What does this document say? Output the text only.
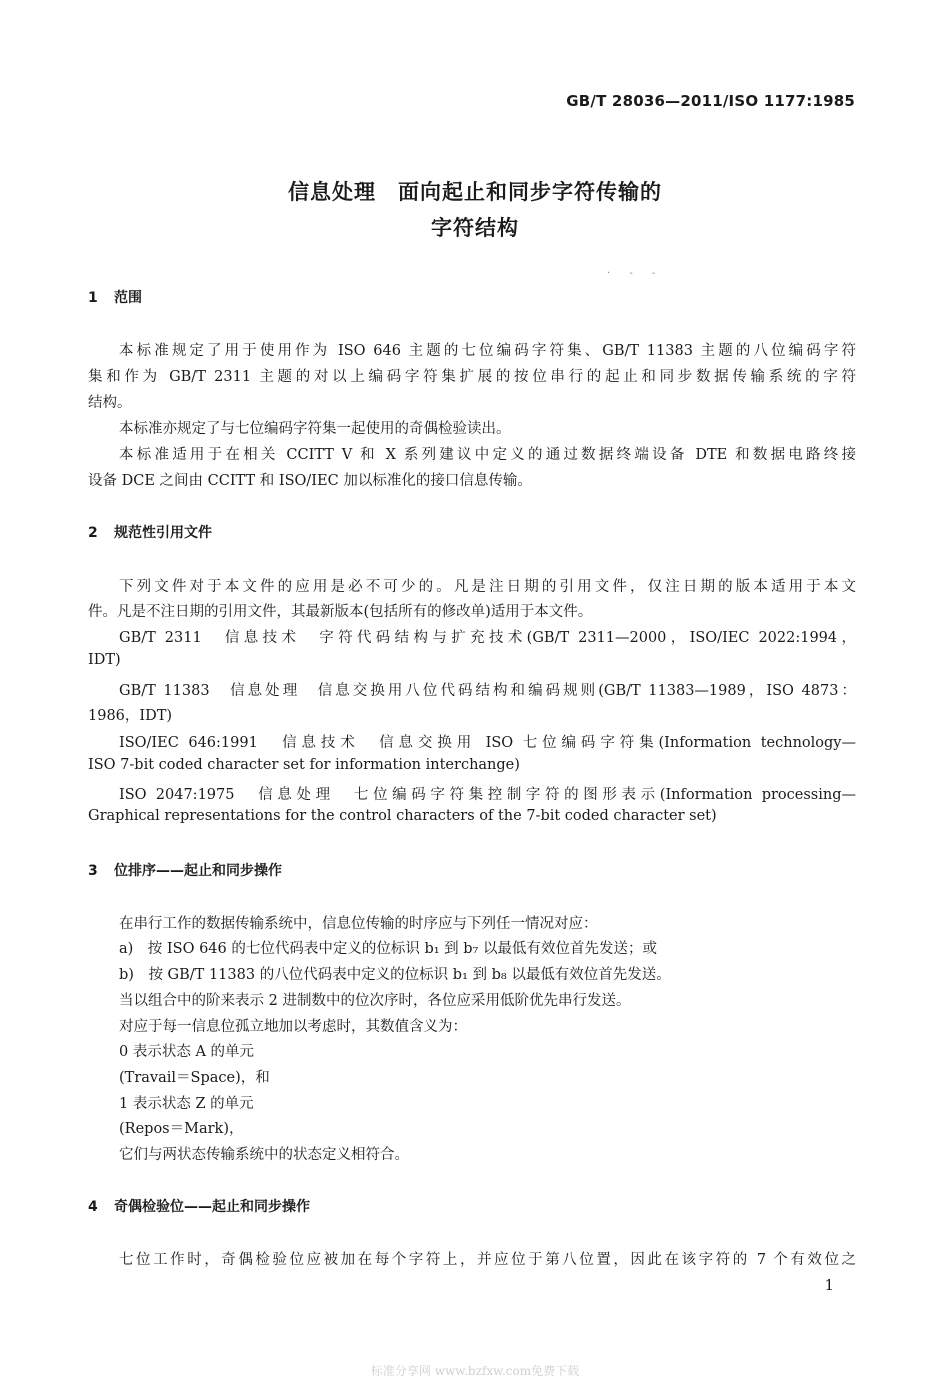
GB/T 28036—2011/ISO 1177:1985
信息处理　面向起止和同步字符传输的
字符结构
· - -
1 范围
本标准规定了用于使用作为 ISO 646 主题的七位编码字符集、GB/T 11383 主题的八位编码字符
集和作为 GB/T 2311 主题的对以上编码字符集扩展的按位串行的起止和同步数据传输系统的字符
结构。
本标准亦规定了与七位编码字符集一起使用的奇偶检验读出。
本标准适用于在相关 CCITT V 和 X 系列建议中定义的通过数据终端设备 DTE 和数据电路终接
设备 DCE 之间由 CCITT 和 ISO/IEC 加以标准化的接口信息传输。
2 规范性引用文件
下列文件对于本文件的应用是必不可少的。凡是注日期的引用文件，仅注日期的版本适用于本文
件。凡是不注日期的引用文件，其最新版本(包括所有的修改单)适用于本文件。
GB/T 2311　信息技术　字符代码结构与扩充技术(GB/T 2311—2000，ISO/IEC 2022:1994，
IDT)
GB/T 11383　信息处理　信息交换用八位代码结构和编码规则(GB/T 11383—1989，ISO 4873：
1986，IDT)
ISO/IEC 646:1991　信息技术　信息交换用 ISO 七位编码字符集(Information technology—
ISO 7-bit coded character set for information interchange)
ISO 2047:1975　信息处理　七位编码字符集控制字符的图形表示(Information processing—
Graphical representations for the control characters of the 7-bit coded character set)
3 位排序——起止和同步操作
在串行工作的数据传输系统中，信息位传输的时序应与下列任一情况对应：
a)　按 ISO 646 的七位代码表中定义的位标识 b₁ 到 b₇ 以最低有效位首先发送；或
b)　按 GB/T 11383 的八位代码表中定义的位标识 b₁ 到 b₈ 以最低有效位首先发送。
当以组合中的阶来表示 2 进制数中的位次序时，各位应采用低阶优先串行发送。
对应于每一信息位孤立地加以考虑时，其数值含义为：
0 表示状态 A 的单元
(Travail＝Space)，和
1 表示状态 Z 的单元
(Repos＝Mark)，
它们与两状态传输系统中的状态定义相符合。
4 奇偶检验位——起止和同步操作
七位工作时，奇偶检验位应被加在每个字符上，并应位于第八位置，因此在该字符的 7 个有效位之
1
标准分享网 www.bzfxw.com免费下载
